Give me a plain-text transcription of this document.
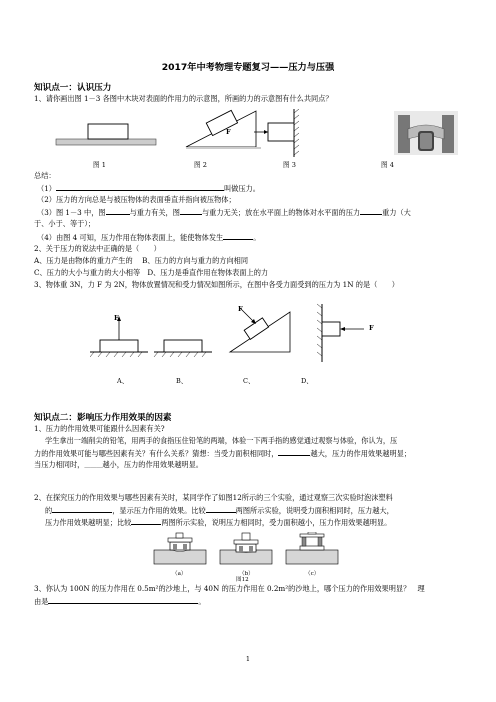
2017年中考物理专题复习——压力与压强
知识点一：认识压力
1、请你画出图 1－3 各图中木块对表面的作用力的示意图，所画的力的示意图有什么共同点？
F
图 1	图 2	图 3	图 4
总结：
（1）	叫做压力。
（2）压力的方向总是与被压物体的表面垂直并指向被压物体；
（3）图 1－3 中，图	与重力有关，图	与重力无关；放在水平面上的物体对水平面的压力	重力（大
于、小于、等于）；
（4）由图 4 可知，压力作用在物体表面上，能使物体发生	。
2、关于压力的说法中正确的是（　　）
A、压力是由物体的重力产生的　 B、压力的方向与重力的方向相同
C、压力的大小与重力的大小相等　D、压力是垂直作用在物体表面上的力
3、物体重 3N，力 F 为 2N，物体放置情况和受力情况如图所示，在图中各受力面受到的压力为 1N 的是（　　）
F
F
F
A、	B、	C、	D、
知识点二：影响压力作用效果的因素
1、压力的作用效果可能跟什么因素有关?
学生拿出一端削尖的铅笔，用两手的食指压住铅笔的两端，体验一下两手指的感觉通过观察与体验，你认为，压
力的作用效果可能与哪些因素有关？有什么关系？猜想：当受力面积相同时，	越大，压力的作用效果越明显；
当压力相同时，＿＿＿越小，压力的作用效果越明显。
2、在探究压力的作用效果与哪些因素有关时，某同学作了如图12所示的三个实验，通过观察三次实验时泡沫塑料
的	，显示压力作用的效果。比较	两图所示实验，说明受力面积相同时，压力越大，
压力作用效果越明显；比较	两图所示实验，说明压力相同时，受力面积越小，压力作用效果越明显。
（a）	（b）	（c）
图12
3、你认为 100N 的压力作用在 0.5m²的沙地上，与 40N 的压力作用在 0.2m²的沙地上，哪个压力的作用效果明显？　理
由是	。
1
